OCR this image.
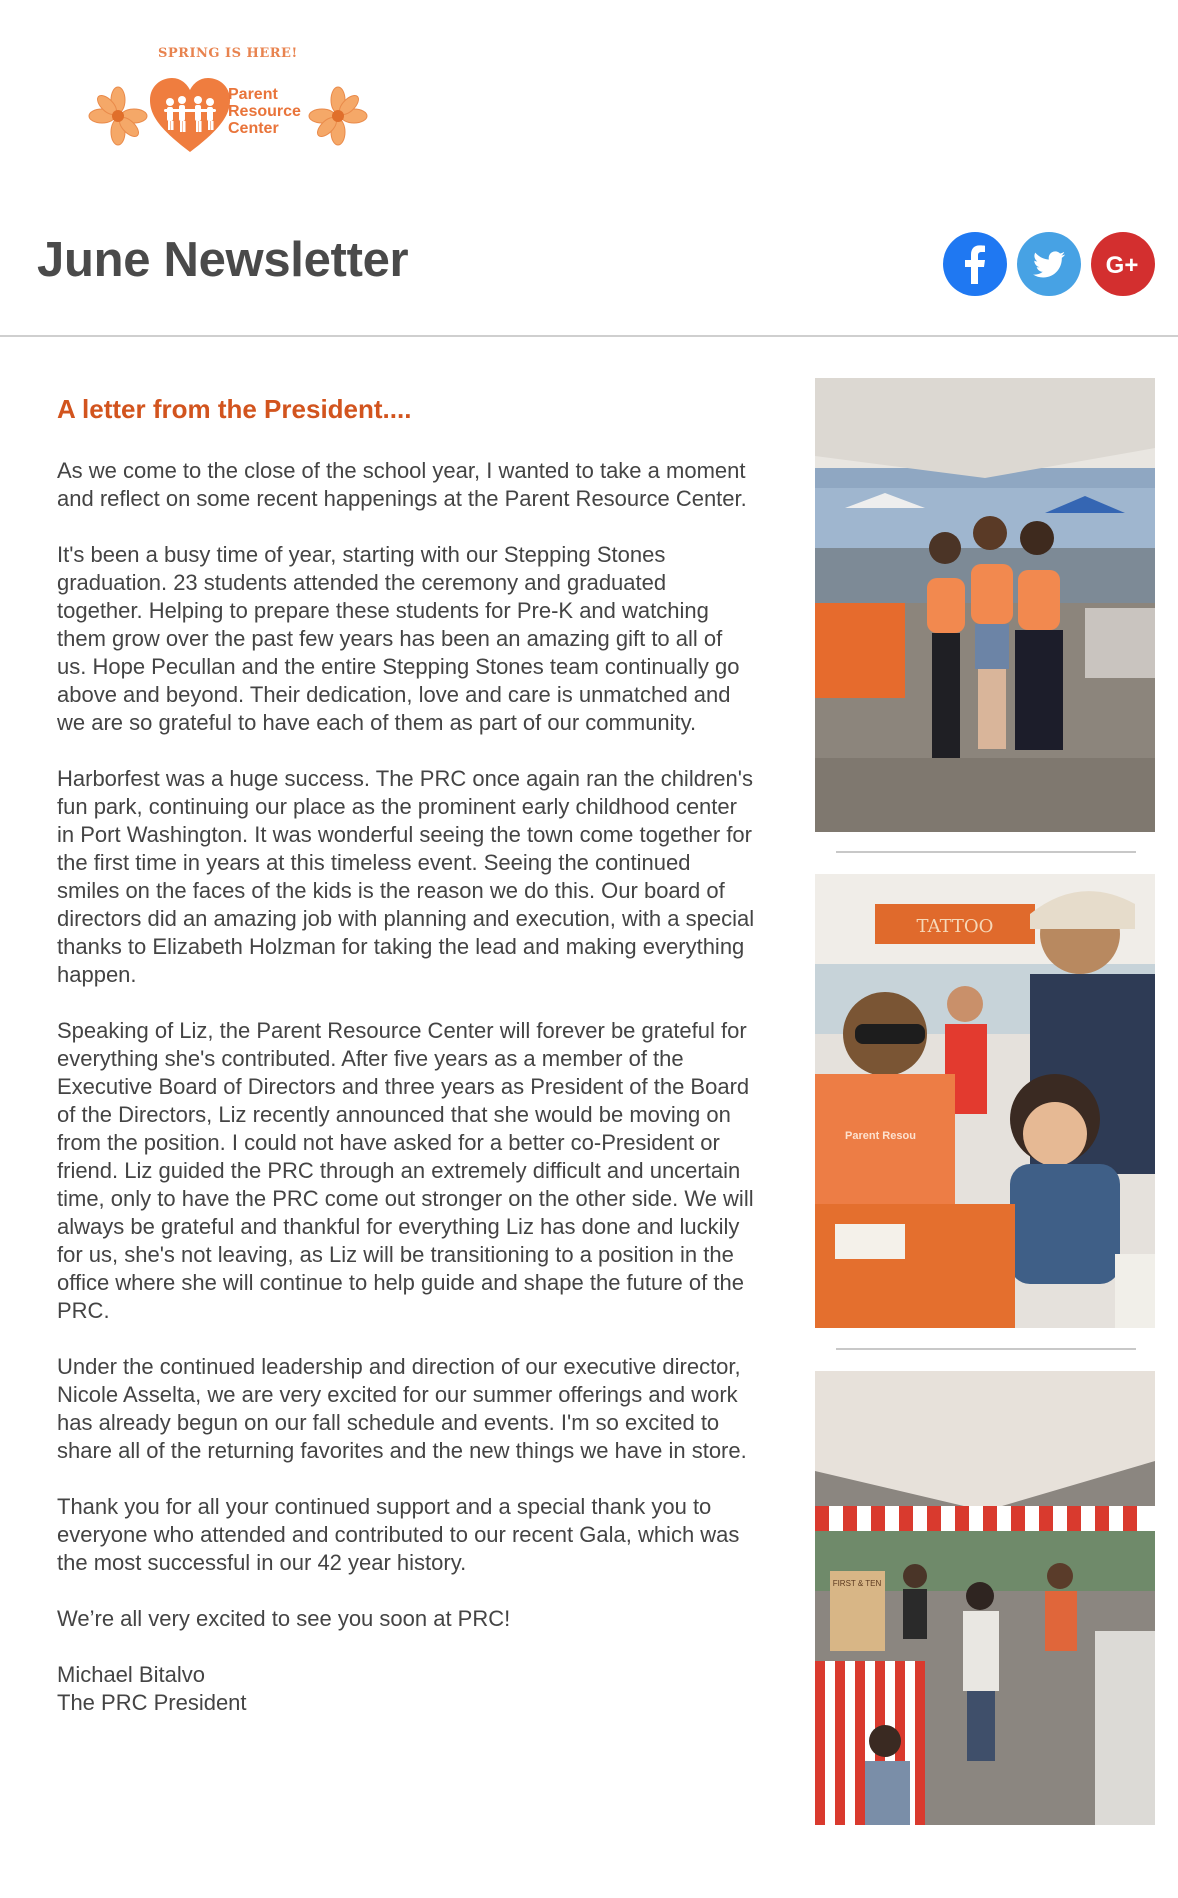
SPRING IS HERE!
Parent
Resource
Center
June Newsletter	G+
A letter from the President....

As we come to the close of the school year, I wanted to take a moment and reflect on some recent happenings at the Parent Resource Center.

It's been a busy time of year, starting with our Stepping Stones graduation. 23 students attended the ceremony and graduated together. Helping to prepare these students for Pre-K and watching them grow over the past few years has been an amazing gift to all of us. Hope Pecullan and the entire Stepping Stones team continually go above and beyond. Their dedication, love and care is unmatched and we are so grateful to have each of them as part of our community.

Harborfest was a huge success. The PRC once again ran the children's fun park, continuing our place as the prominent early childhood center in Port Washington. It was wonderful seeing the town come together for the first time in years at this timeless event. Seeing the continued smiles on the faces of the kids is the reason we do this. Our board of directors did an amazing job with planning and execution, with a special thanks to Elizabeth Holzman for taking the lead and making everything happen.

Speaking of Liz, the Parent Resource Center will forever be grateful for everything she's contributed. After five years as a member of the Executive Board of Directors and three years as President of the Board of the Directors, Liz recently announced that she would be moving on from the position. I could not have asked for a better co-President or friend. Liz guided the PRC through an extremely difficult and uncertain time, only to have the PRC come out stronger on the other side. We will always be grateful and thankful for everything Liz has done and luckily for us, she's not leaving, as Liz will be transitioning to a position in the office where she will continue to help guide and shape the future of the PRC.

Under the continued leadership and direction of our executive director, Nicole Asselta, we are very excited for our summer offerings and work has already begun on our fall schedule and events. I'm so excited to share all of the returning favorites and the new things we have in store.

Thank you for all your continued support and a special thank you to everyone who attended and contributed to our recent Gala, which was the most successful in our 42 year history.

We’re all very excited to see you soon at PRC!

Michael Bitalvo
The PRC President

TATTOO
Parent Resou
FIRST & TEN
